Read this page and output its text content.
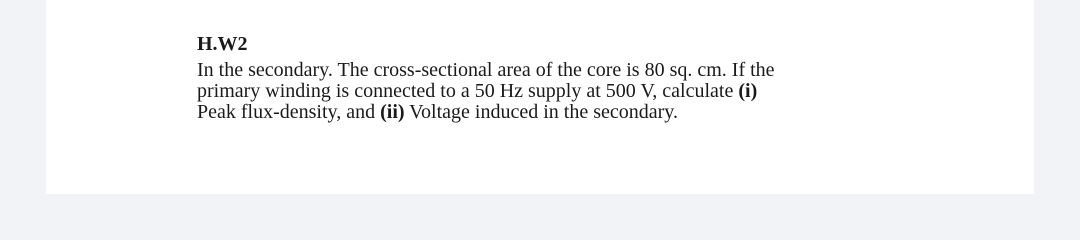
H.W2

In the secondary. The cross-sectional area of the core is 80 sq. cm. If the
primary winding is connected to a 50 Hz supply at 500 V, calculate (i)
Peak flux-density, and (ii) Voltage induced in the secondary.
